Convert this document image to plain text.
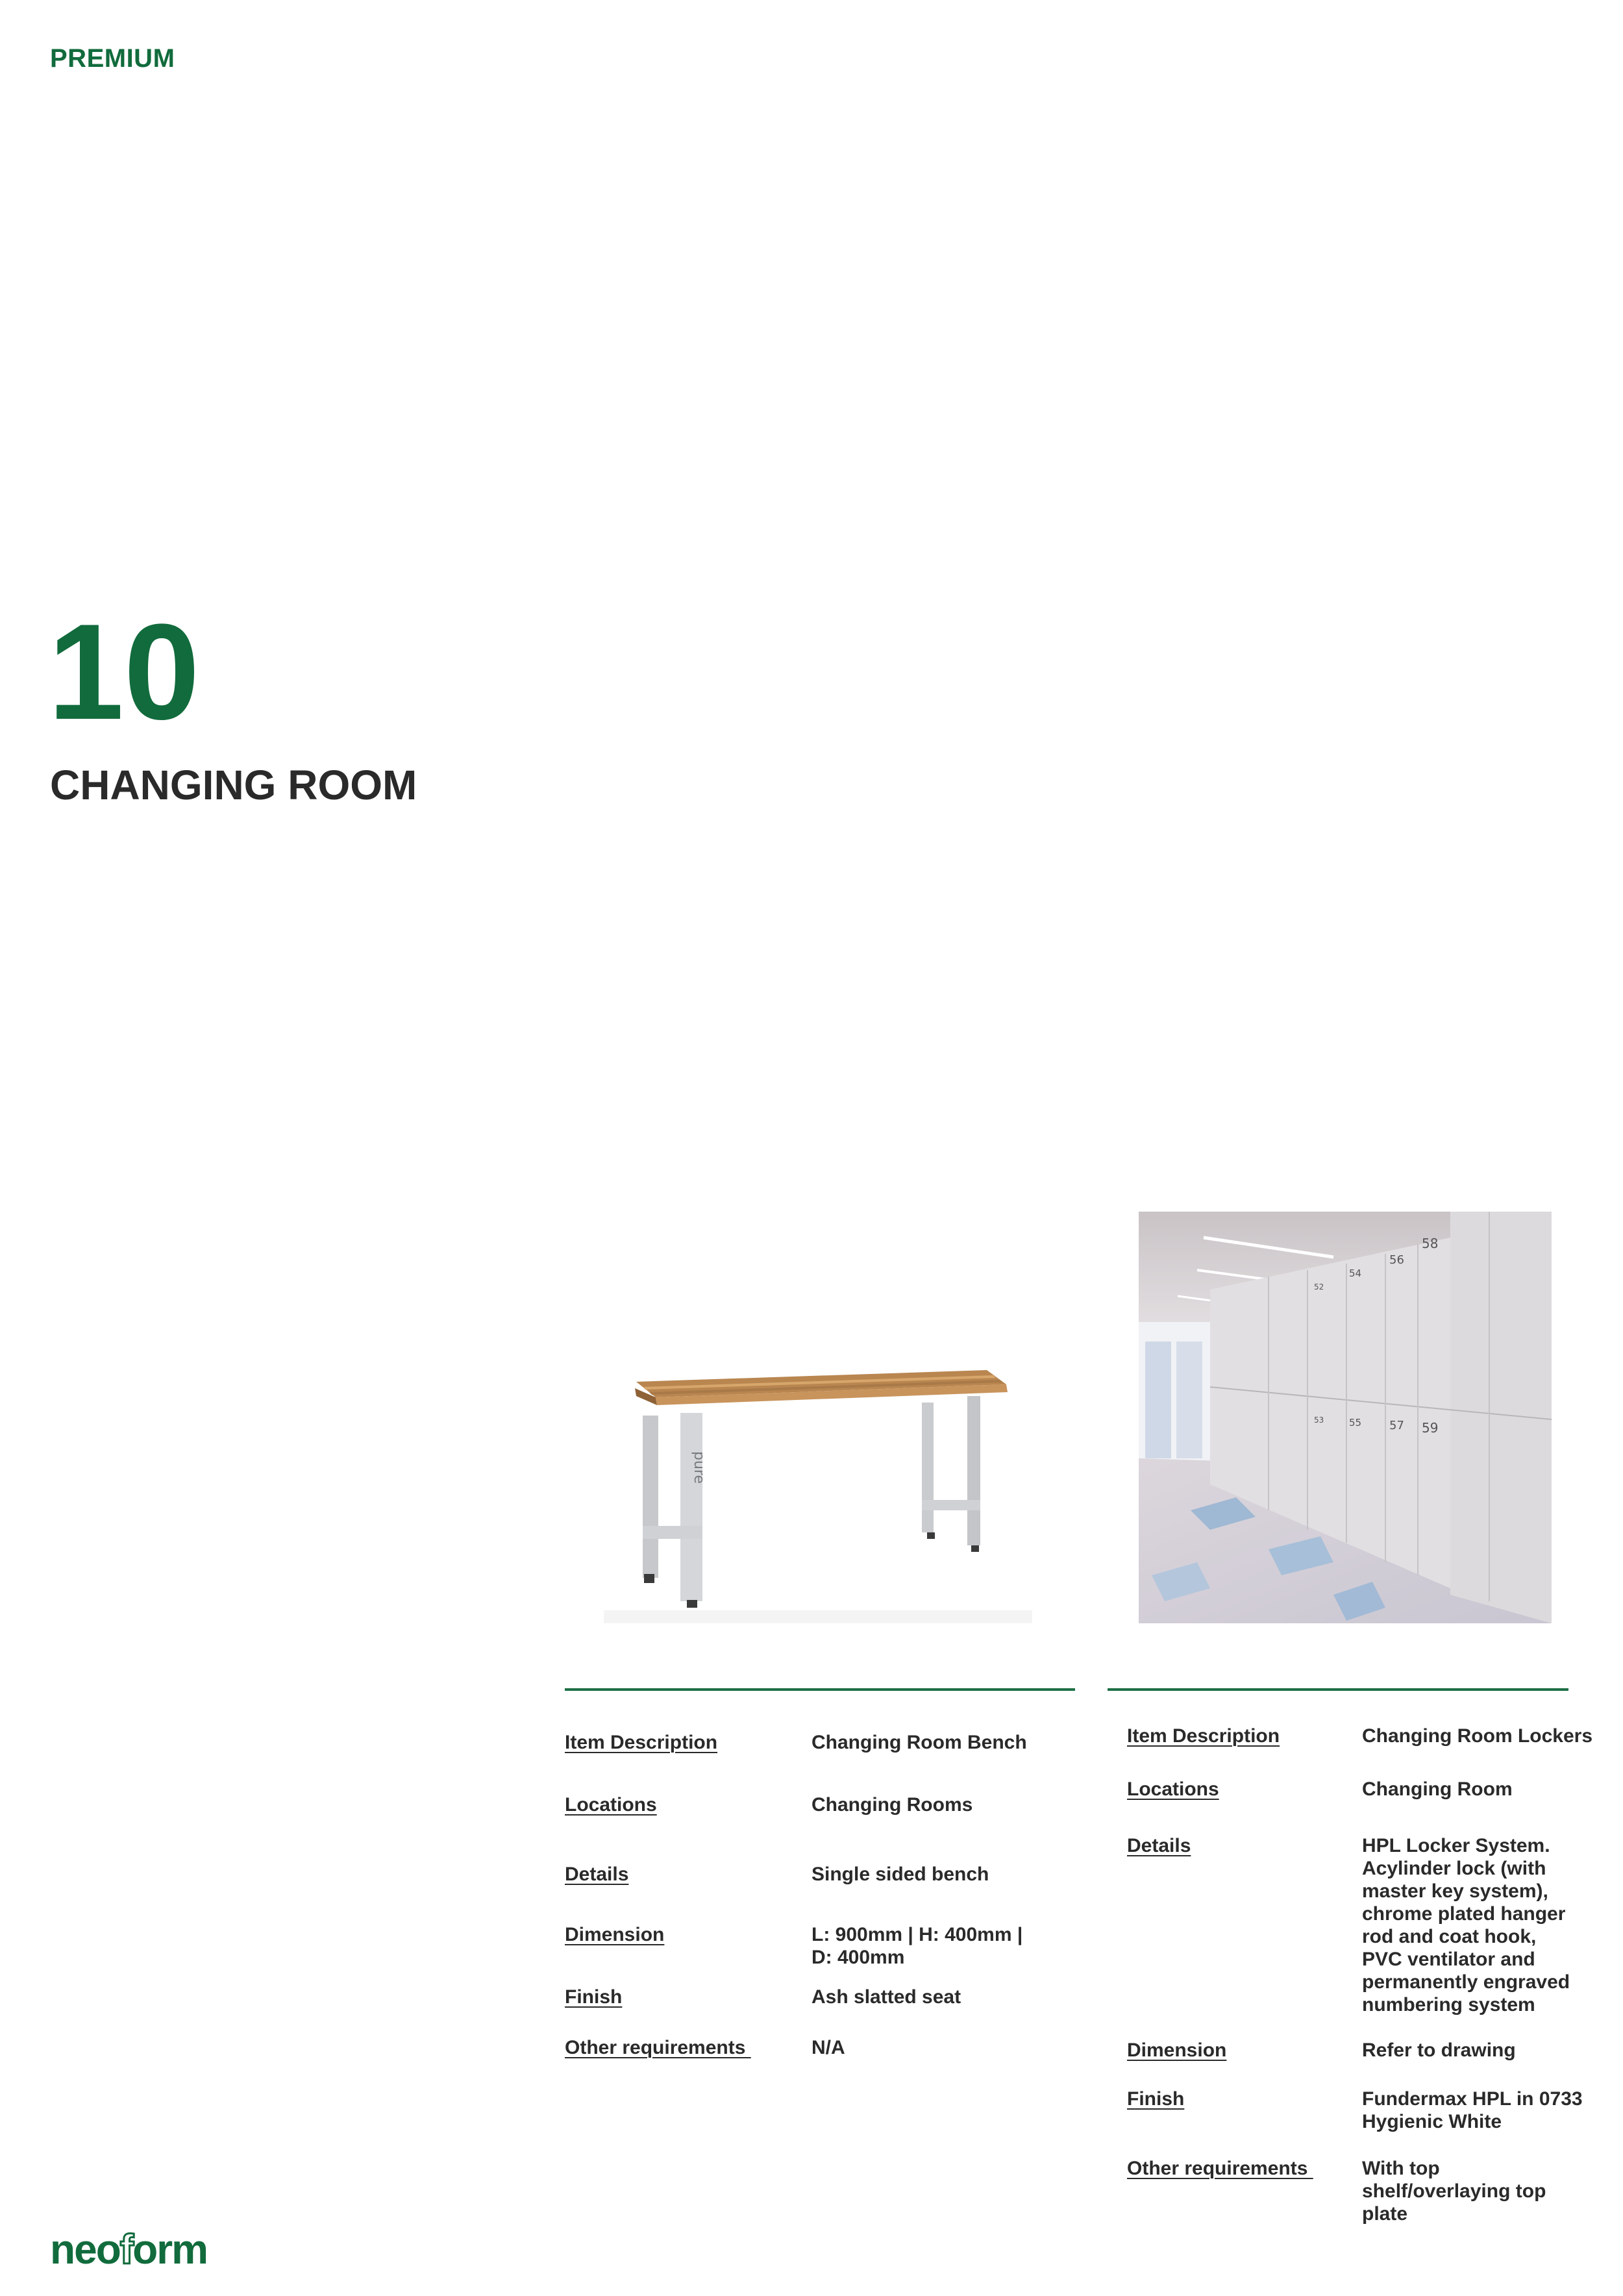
PREMIUM
10
CHANGING ROOM
pure
56
58
54
52
57 59
55
53
Item Description	Changing Room Bench
Locations	Changing Rooms
Details	Single sided bench
Dimension	L: 900mm | H: 400mm |
D: 400mm
Finish	Ash slatted seat
Other requirements	N/A
Item Description	Changing Room Lockers
Locations	Changing Room
Details	HPL Locker System.
Acylinder lock (with
master key system),
chrome plated hanger
rod and coat hook,
PVC ventilator and
permanently engraved
numbering system
Dimension	Refer to drawing
Finish	Fundermax HPL in 0733
Hygienic White
Other requirements	With top
shelf/overlaying top
plate
neoform
